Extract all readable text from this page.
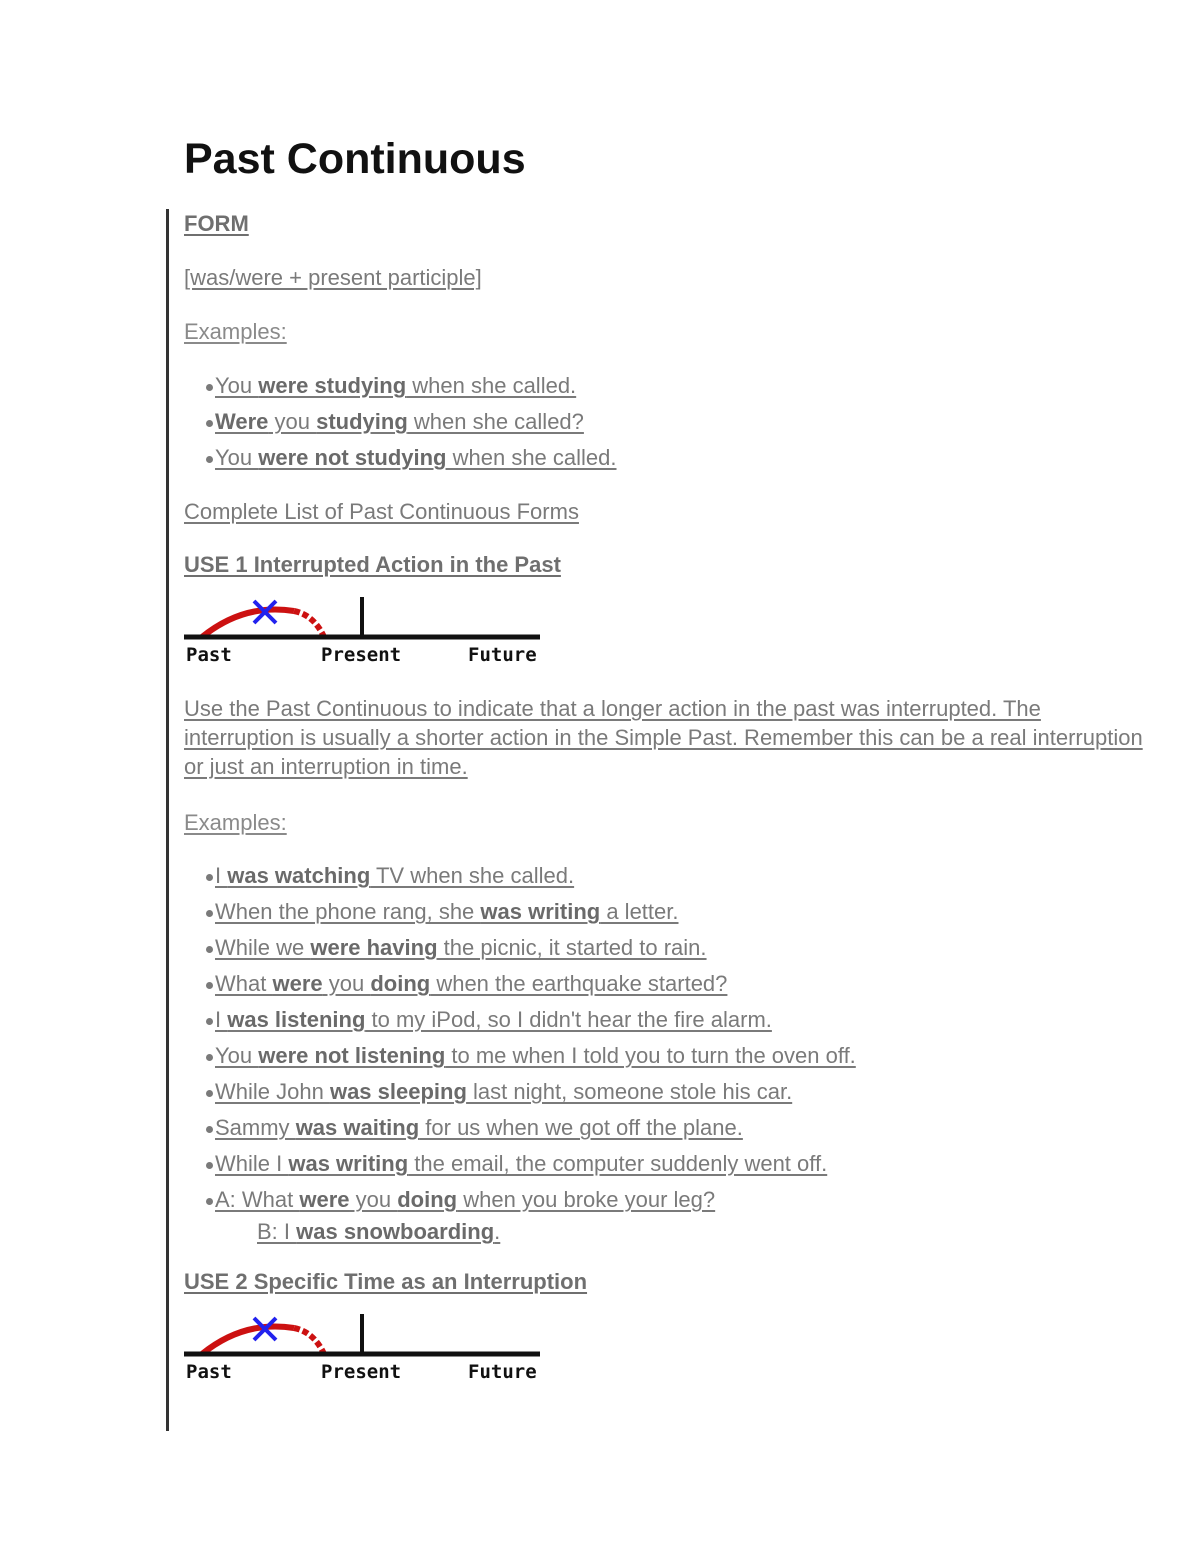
Past Continuous

FORM

[was/were + present participle]

Examples:

You were studying when she called.
Were you studying when she called?
You were not studying when she called.

Complete List of Past Continuous Forms

USE 1 Interrupted Action in the Past

Past	Present	Future

Use the Past Continuous to indicate that a longer action in the past was interrupted. The interruption is usually a shorter action in the Simple Past. Remember this can be a real interruption or just an interruption in time.

Examples:

I was watching TV when she called.
When the phone rang, she was writing a letter.
While we were having the picnic, it started to rain.
What were you doing when the earthquake started?
I was listening to my iPod, so I didn't hear the fire alarm.
You were not listening to me when I told you to turn the oven off.
While John was sleeping last night, someone stole his car.
Sammy was waiting for us when we got off the plane.
While I was writing the email, the computer suddenly went off.
A: What were you doing when you broke your leg?
B: I was snowboarding.

USE 2 Specific Time as an Interruption

Past	Present	Future
